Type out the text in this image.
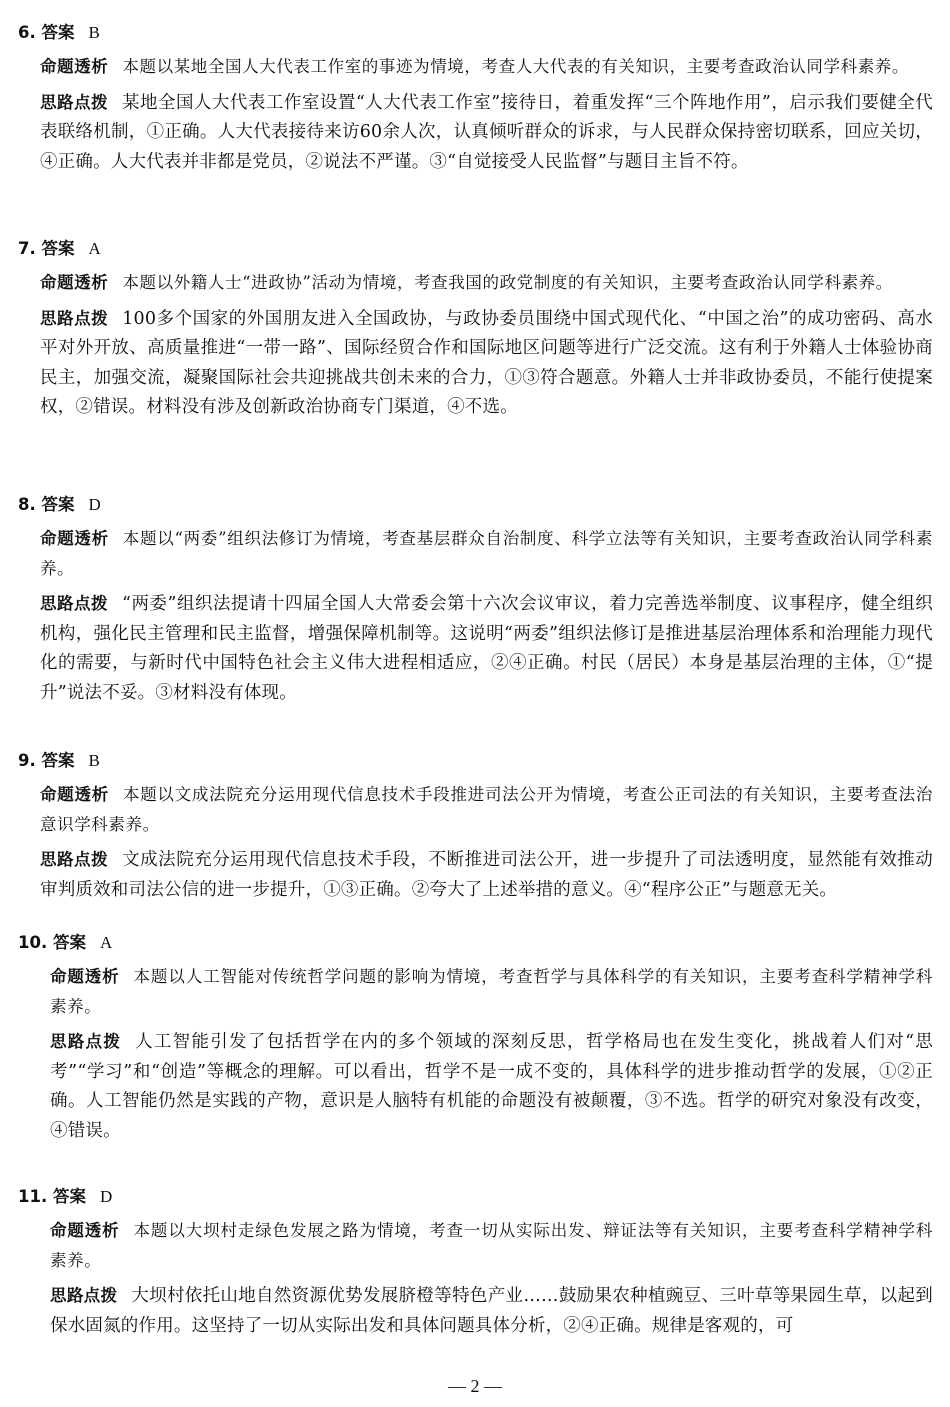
6. 答案 B
命题透析 本题以某地全国人大代表工作室的事迹为情境，考查人大代表的有关知识，主要考查政治认同学科素养。
思路点拨 某地全国人大代表工作室设置“人大代表工作室”接待日，着重发挥“三个阵地作用”，启示我们要健全代表联络机制，①正确。人大代表接待来访60余人次，认真倾听群众的诉求，与人民群众保持密切联系，回应关切，④正确。人大代表并非都是党员，②说法不严谨。③“自觉接受人民监督”与题目主旨不符。
7. 答案 A
命题透析 本题以外籍人士“进政协”活动为情境，考查我国的政党制度的有关知识，主要考查政治认同学科素养。
思路点拨 100多个国家的外国朋友进入全国政协，与政协委员围绕中国式现代化、“中国之治”的成功密码、高水平对外开放、高质量推进“一带一路”、国际经贸合作和国际地区问题等进行广泛交流。这有利于外籍人士体验协商民主，加强交流，凝聚国际社会共迎挑战共创未来的合力，①③符合题意。外籍人士并非政协委员，不能行使提案权，②错误。材料没有涉及创新政治协商专门渠道，④不选。
8. 答案 D
命题透析 本题以“两委”组织法修订为情境，考查基层群众自治制度、科学立法等有关知识，主要考查政治认同学科素养。
思路点拨 “两委”组织法提请十四届全国人大常委会第十六次会议审议，着力完善选举制度、议事程序，健全组织机构，强化民主管理和民主监督，增强保障机制等。这说明“两委”组织法修订是推进基层治理体系和治理能力现代化的需要，与新时代中国特色社会主义伟大进程相适应，②④正确。村民（居民）本身是基层治理的主体，①“提升”说法不妥。③材料没有体现。
9. 答案 B
命题透析 本题以文成法院充分运用现代信息技术手段推进司法公开为情境，考查公正司法的有关知识，主要考查法治意识学科素养。
思路点拨 文成法院充分运用现代信息技术手段，不断推进司法公开，进一步提升了司法透明度，显然能有效推动审判质效和司法公信的进一步提升，①③正确。②夸大了上述举措的意义。④“程序公正”与题意无关。
10. 答案 A
命题透析 本题以人工智能对传统哲学问题的影响为情境，考查哲学与具体科学的有关知识，主要考查科学精神学科素养。
思路点拨 人工智能引发了包括哲学在内的多个领域的深刻反思，哲学格局也在发生变化，挑战着人们对“思考”“学习”和“创造”等概念的理解。可以看出，哲学不是一成不变的，具体科学的进步推动哲学的发展，①②正确。人工智能仍然是实践的产物，意识是人脑特有机能的命题没有被颠覆，③不选。哲学的研究对象没有改变，④错误。
11. 答案 D
命题透析 本题以大坝村走绿色发展之路为情境，考查一切从实际出发、辩证法等有关知识，主要考查科学精神学科素养。
思路点拨 大坝村依托山地自然资源优势发展脐橙等特色产业……鼓励果农种植豌豆、三叶草等果园生草，以起到保水固氮的作用。这坚持了一切从实际出发和具体问题具体分析，②④正确。规律是客观的，可
— 2 —
